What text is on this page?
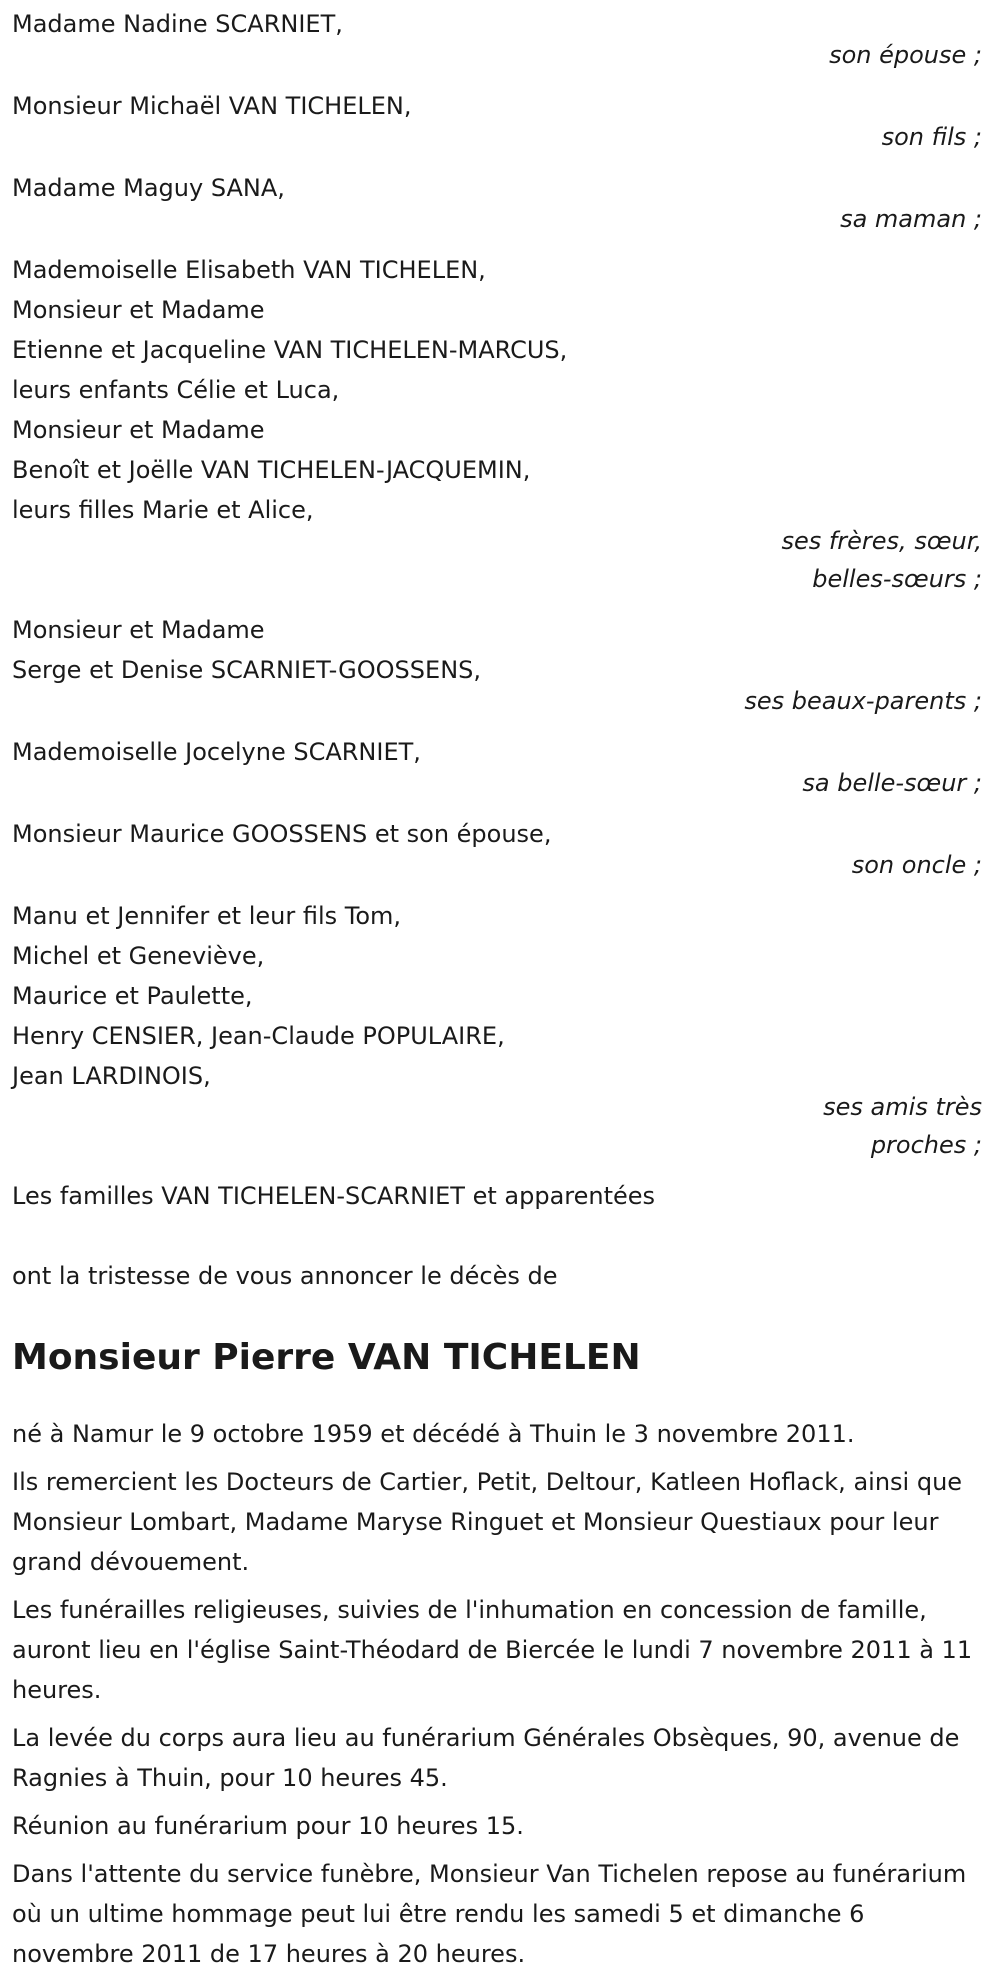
Madame Nadine SCARNIET,

son épouse ;

Monsieur Michaël VAN TICHELEN,

son fils ;

Madame Maguy SANA,

sa maman ;

Mademoiselle Elisabeth VAN TICHELEN,

Monsieur et Madame

Etienne et Jacqueline VAN TICHELEN-MARCUS,

leurs enfants Célie et Luca,

Monsieur et Madame

Benoît et Joëlle VAN TICHELEN-JACQUEMIN,

leurs filles Marie et Alice,

ses frères, sœur,
belles-sœurs ;

Monsieur et Madame

Serge et Denise SCARNIET-GOOSSENS,

ses beaux-parents ;

Mademoiselle Jocelyne SCARNIET,

sa belle-sœur ;

Monsieur Maurice GOOSSENS et son épouse,

son oncle ;

Manu et Jennifer et leur fils Tom,

Michel et Geneviève,

Maurice et Paulette,

Henry CENSIER, Jean-Claude POPULAIRE,

Jean LARDINOIS,

ses amis très
proches ;

Les familles VAN TICHELEN-SCARNIET et apparentées

ont la tristesse de vous annoncer le décès de

Monsieur Pierre VAN TICHELEN

né à Namur le 9 octobre 1959 et décédé à Thuin le 3 novembre 2011.

Ils remercient les Docteurs de Cartier, Petit, Deltour, Katleen Hoflack, ainsi que Monsieur Lombart, Madame Maryse Ringuet et Monsieur Questiaux pour leur grand dévouement.

Les funérailles religieuses, suivies de l'inhumation en concession de famille, auront lieu en l'église Saint-Théodard de Biercée le lundi 7 novembre 2011 à 11 heures.

La levée du corps aura lieu au funérarium Générales Obsèques, 90, avenue de Ragnies à Thuin, pour 10 heures 45.

Réunion au funérarium pour 10 heures 15.

Dans l'attente du service funèbre, Monsieur Van Tichelen repose au funérarium où un ultime hommage peut lui être rendu les samedi 5 et dimanche 6 novembre 2011 de 17 heures à 20 heures.
